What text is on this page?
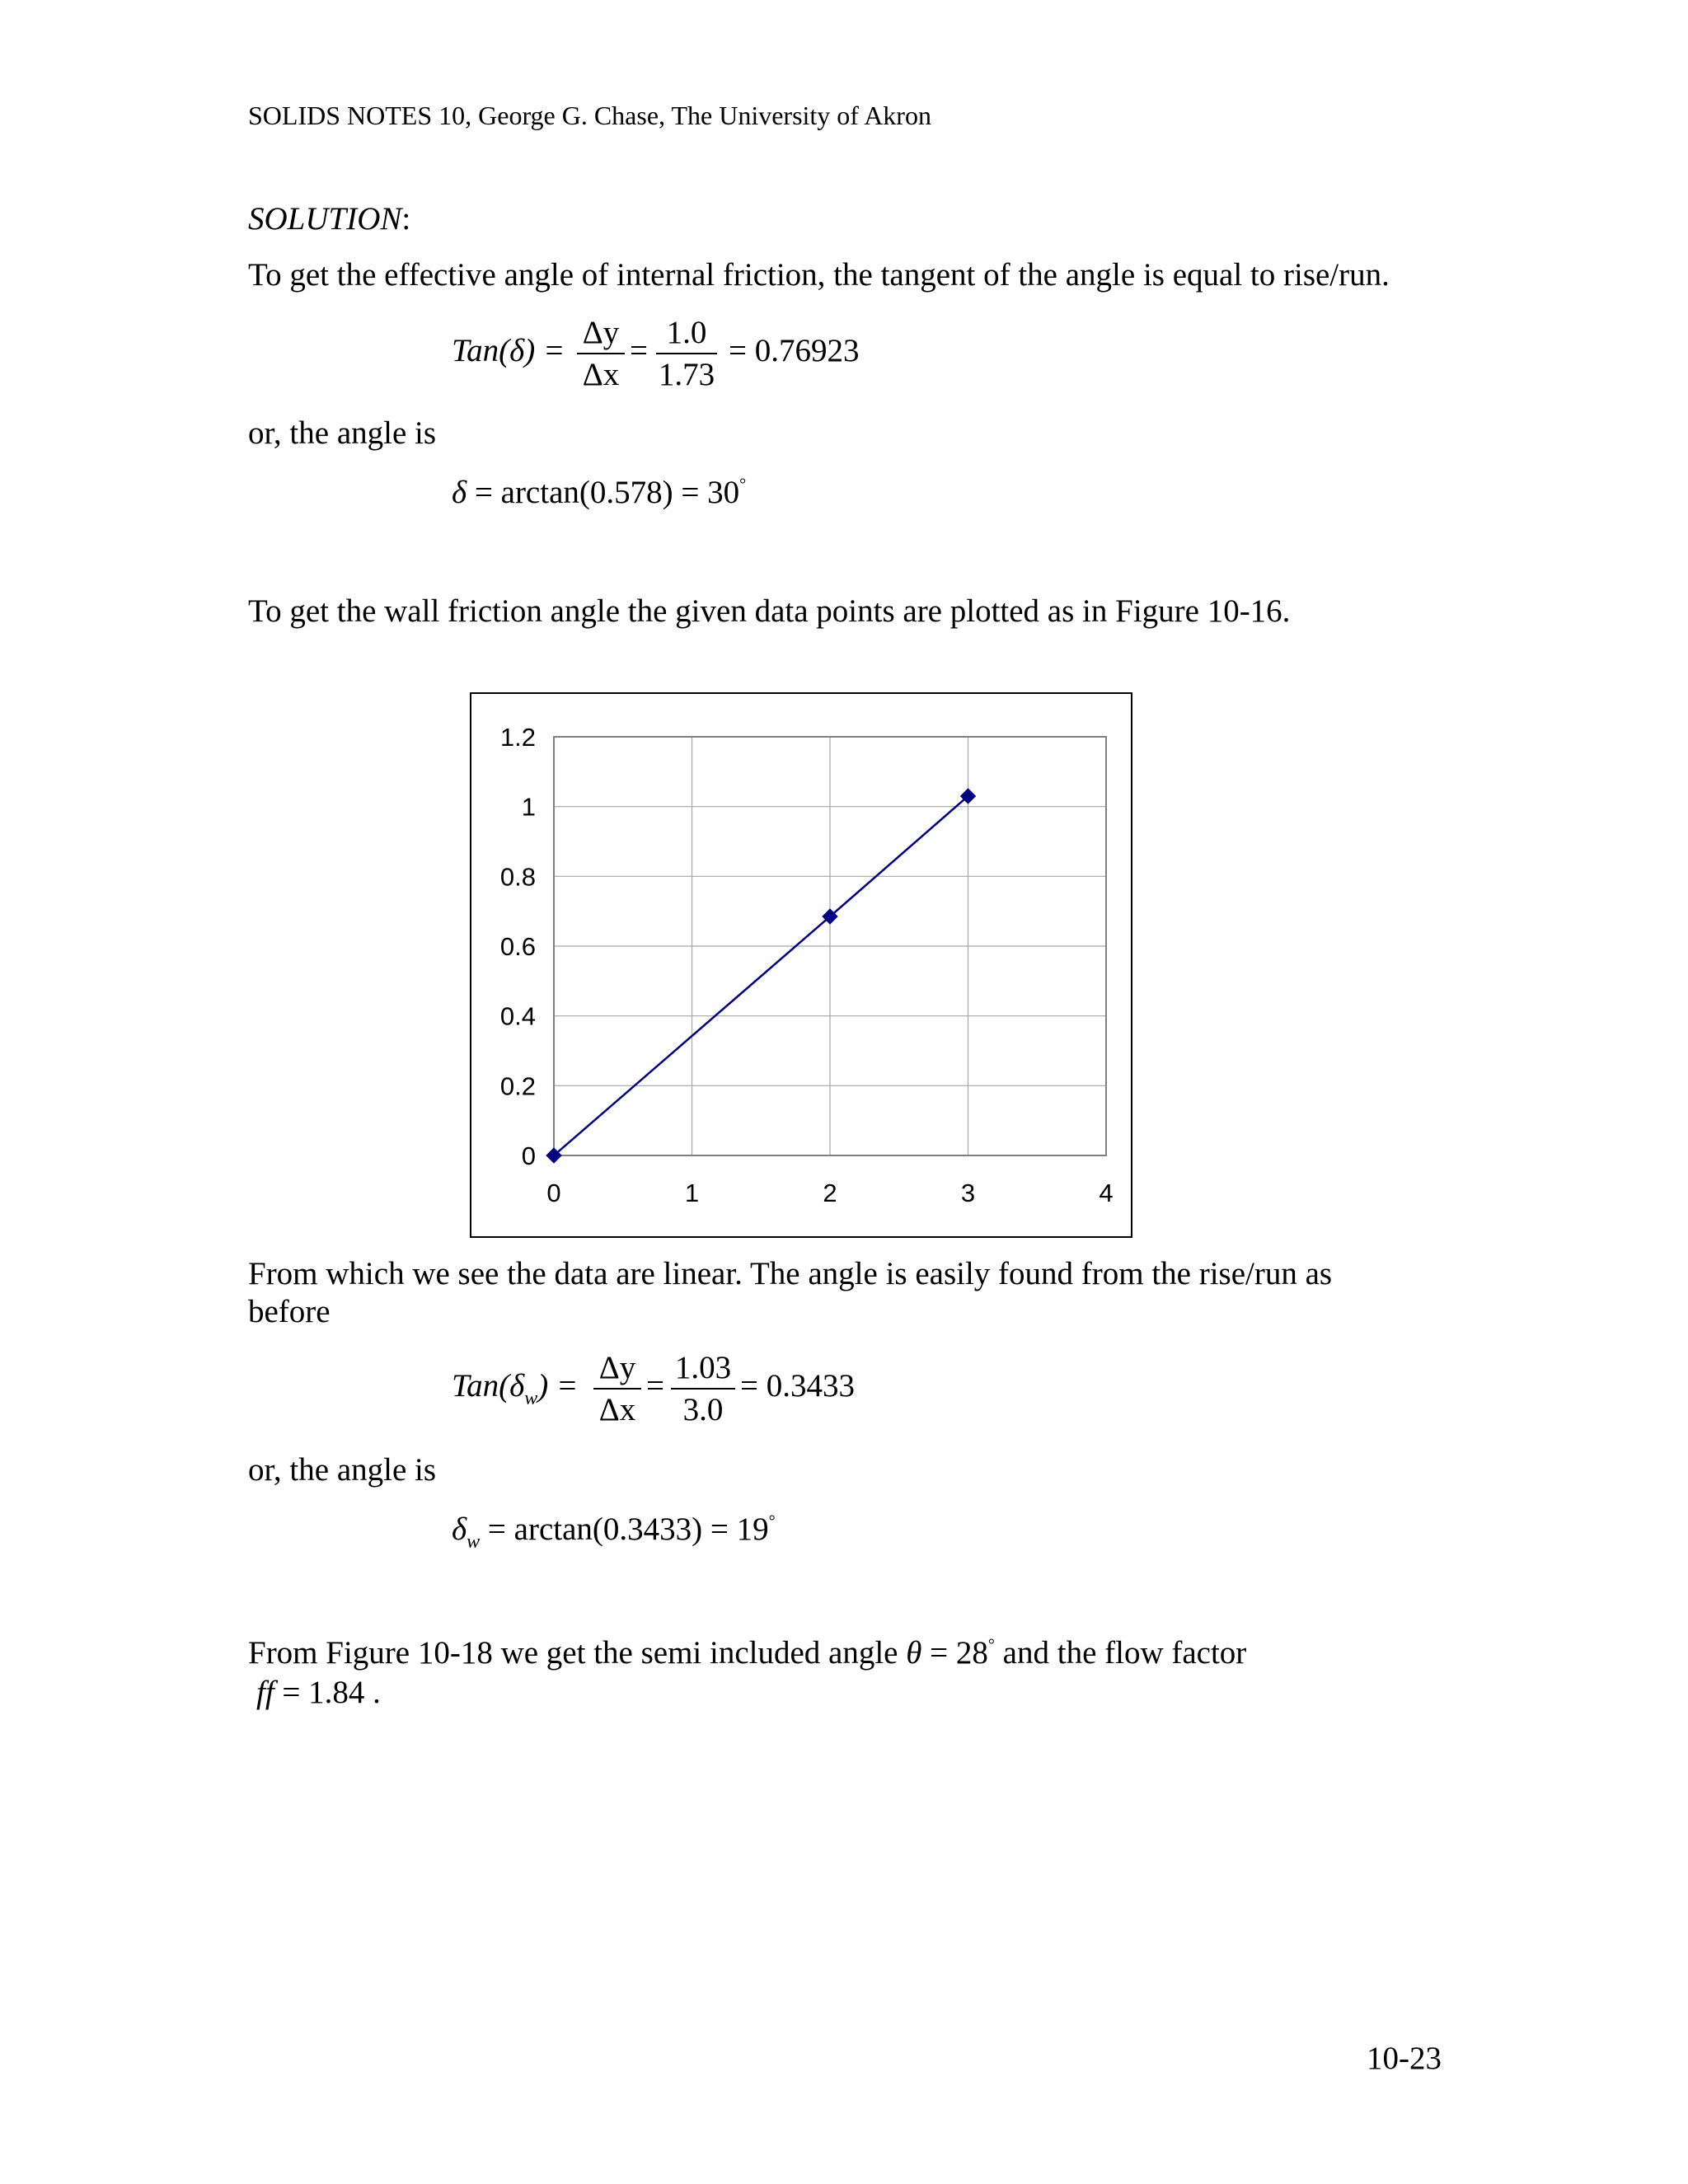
SOLIDS NOTES 10, George G. Chase, The University of Akron
SOLUTION:
To get the effective angle of internal friction, the tangent of the angle is equal to rise/run.
Tan(δ) =
Δy
Δx
=
1.0
1.73
= 0.76923
or, the angle is
δ = arctan(0.578) = 30°
To get the wall friction angle the given data points are plotted as in Figure 10-16.
0
0.2
0.4
0.6
0.8
1
1.2
0	1	2	3	4
From which we see the data are linear. The angle is easily found from the rise/run as
before
$Tan(\delta_w)$ =
Δy
Δx
=
1.03
3.0
= 0.3433
or, the angle is
$\delta_w = \arctan(0.3433) = 19^\circ$
From Figure 10-18 we get the semi included angle θ = 28° and the flow factor
ff = 1.84 .
10-23
